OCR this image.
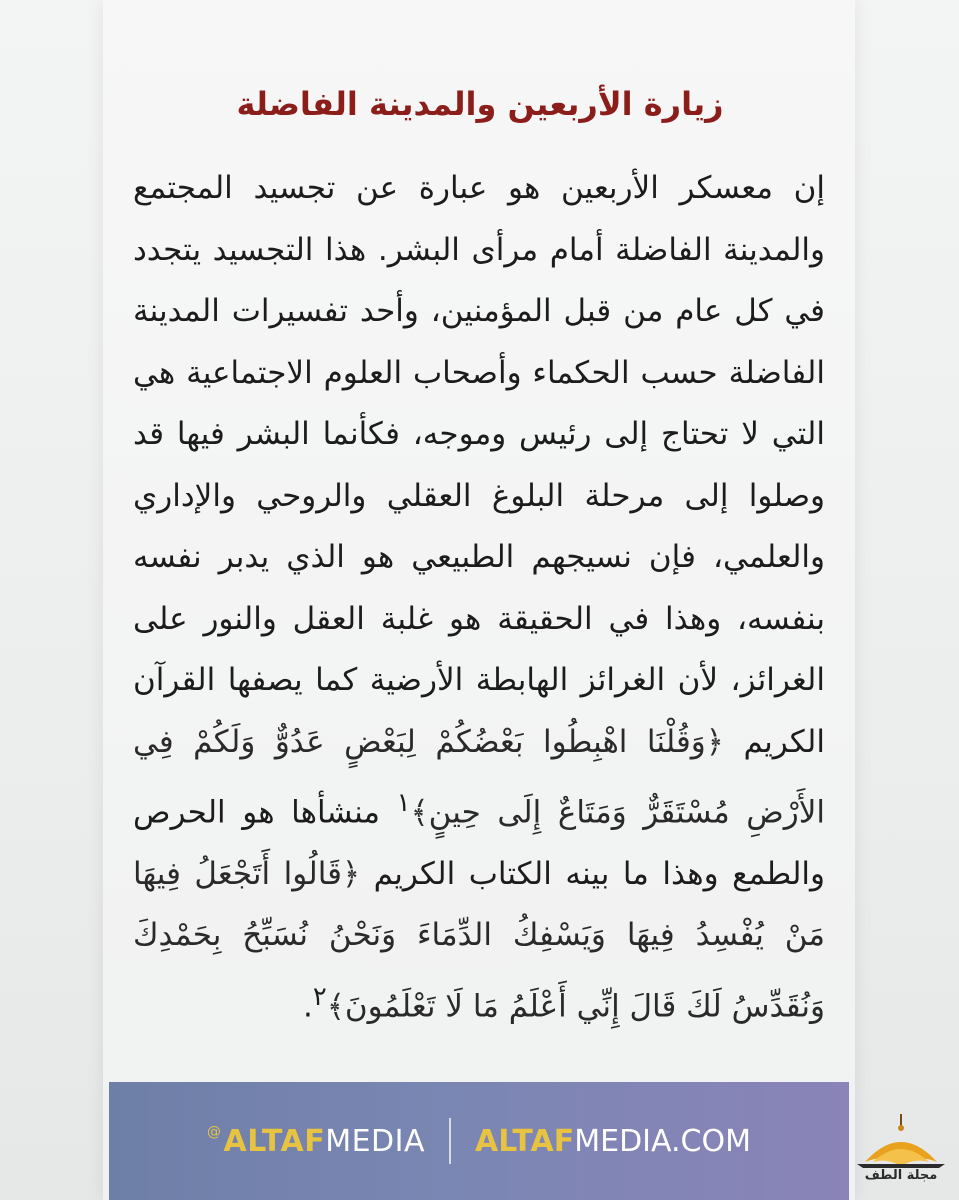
زيارة الأربعين والمدينة الفاضلة
إن معسكر الأربعين هو عبارة عن تجسيد المجتمع والمدينة الفاضلة أمام مرأى البشر. هذا التجسيد يتجدد في كل عام من قبل المؤمنين، وأحد تفسيرات المدينة الفاضلة حسب الحكماء وأصحاب العلوم الاجتماعية هي التي لا تحتاج إلى رئيس وموجه، فكأنما البشر فيها قد وصلوا إلى مرحلة البلوغ العقلي والروحي والإداري والعلمي، فإن نسيجهم الطبيعي هو الذي يدبر نفسه بنفسه، وهذا في الحقيقة هو غلبة العقل والنور على الغرائز، لأن الغرائز الهابطة الأرضية كما يصفها القرآن الكريم ﴿وَقُلْنَا اهْبِطُوا بَعْضُكُمْ لِبَعْضٍ عَدُوٌّ وَلَكُمْ فِي الأَرْضِ مُسْتَقَرٌّ وَمَتَاعٌ إِلَى حِينٍ﴾$^١$ منشأها هو الحرص والطمع وهذا ما بينه الكتاب الكريم ﴿قَالُوا أَتَجْعَلُ فِيهَا مَنْ يُفْسِدُ فِيهَا وَيَسْفِكُ الدِّمَاءَ وَنَحْنُ نُسَبِّحُ بِحَمْدِكَ وَنُقَدِّسُ لَكَ قَالَ إِنِّي أَعْلَمُ مَا لَا تَعْلَمُونَ﴾$^٢$.
@ALTAFMEDIA ALTAFMEDIA.COM
مجلة الطف
